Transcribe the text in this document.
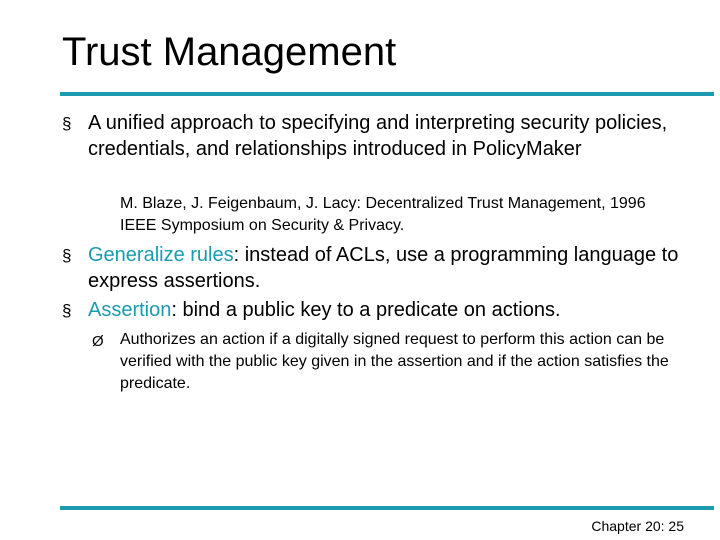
Trust Management
§ A unified approach to specifying and interpreting security policies, credentials, and relationships introduced in PolicyMaker
M. Blaze, J. Feigenbaum, J. Lacy: Decentralized Trust Management, 1996 IEEE Symposium on Security & Privacy.
§ Generalize rules: instead of ACLs, use a programming language to express assertions.
§ Assertion: bind a public key to a predicate on actions.
Ø Authorizes an action if a digitally signed request to perform this action can be verified with the public key given in the assertion and if the action satisfies the predicate.
Chapter 20: 25
